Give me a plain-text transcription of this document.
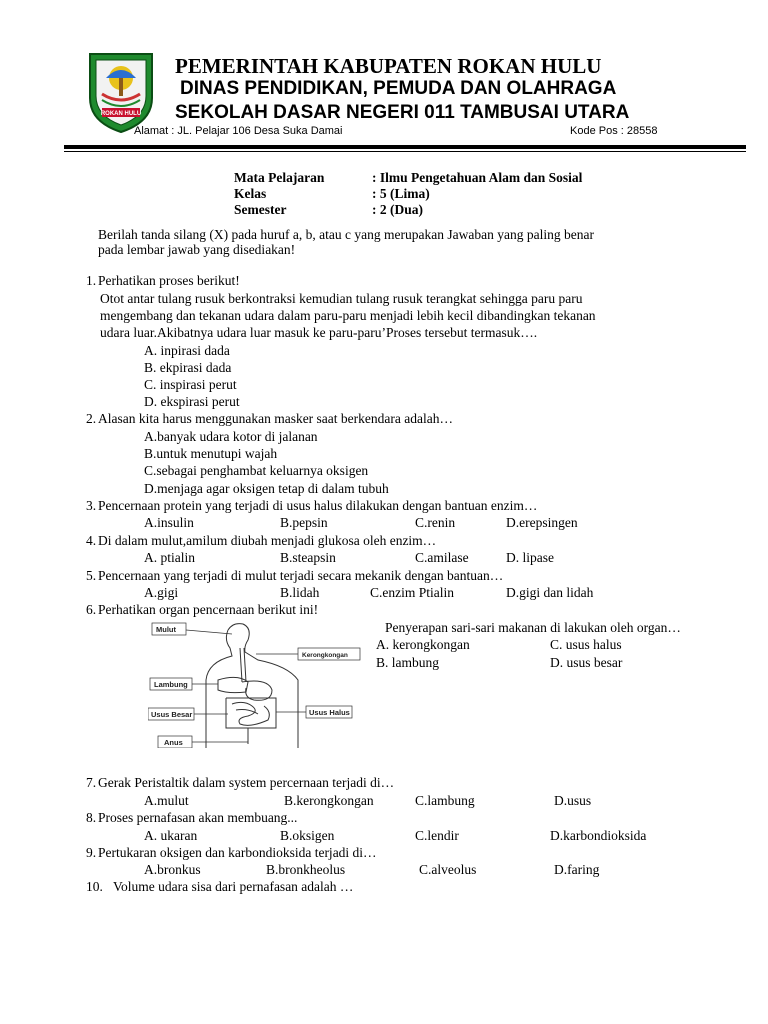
ROKAN HULU
PEMERINTAH KABUPATEN ROKAN HULU
DINAS PENDIDIKAN, PEMUDA DAN OLAHRAGA
SEKOLAH DASAR NEGERI 011 TAMBUSAI UTARA
Alamat : JL. Pelajar 106 Desa Suka Damai	Kode Pos : 28558
Mata Pelajaran	: Ilmu Pengetahuan Alam dan Sosial
Kelas	: 5 (Lima)
Semester	: 2 (Dua)
Berilah tanda silang (X) pada huruf a, b, atau c yang merupakan Jawaban yang paling benar
pada lembar jawab yang disediakan!
1. Perhatikan proses berikut!
Otot antar tulang rusuk berkontraksi kemudian tulang rusuk terangkat sehingga paru paru
mengembang dan tekanan udara dalam paru-paru menjadi lebih kecil dibandingkan tekanan
udara luar.Akibatnya udara luar masuk ke paru-paru’Proses tersebut termasuk….
A. inpirasi dada
B. ekpirasi dada
C. inspirasi perut
D. ekspirasi perut
2. Alasan kita harus menggunakan masker saat berkendara adalah…
A.banyak udara kotor di jalanan
B.untuk menutupi wajah
C.sebagai penghambat keluarnya oksigen
D.menjaga agar oksigen tetap di dalam tubuh
3. Pencernaan protein yang terjadi di usus halus dilakukan dengan bantuan enzim…
A.insulin	B.pepsin	C.renin	D.erepsingen
4. Di dalam mulut,amilum diubah menjadi glukosa oleh enzim…
A. ptialin	B.steapsin	C.amilase	D. lipase
5. Pencernaan yang terjadi di mulut terjadi secara mekanik dengan bantuan…
A.gigi	B.lidah	C.enzim Ptialin	D.gigi dan lidah
6. Perhatikan organ pencernaan berikut ini!
Penyerapan sari-sari makanan di lakukan oleh organ…
A. kerongkongan	C. usus halus
B. lambung	D. usus besar
Mulut
Kerongkongan
Lambung
Usus Besar	Usus Halus
Anus
7. Gerak Peristaltik dalam system percernaan terjadi di…
A.mulut	B.kerongkongan	C.lambung	D.usus
8. Proses pernafasan akan membuang...
A. ukaran	B.oksigen	C.lendir	D.karbondioksida
9. Pertukaran oksigen dan karbondioksida terjadi di…
A.bronkus	B.bronkheolus	C.alveolus	D.faring
10. Volume udara sisa dari pernafasan adalah …
